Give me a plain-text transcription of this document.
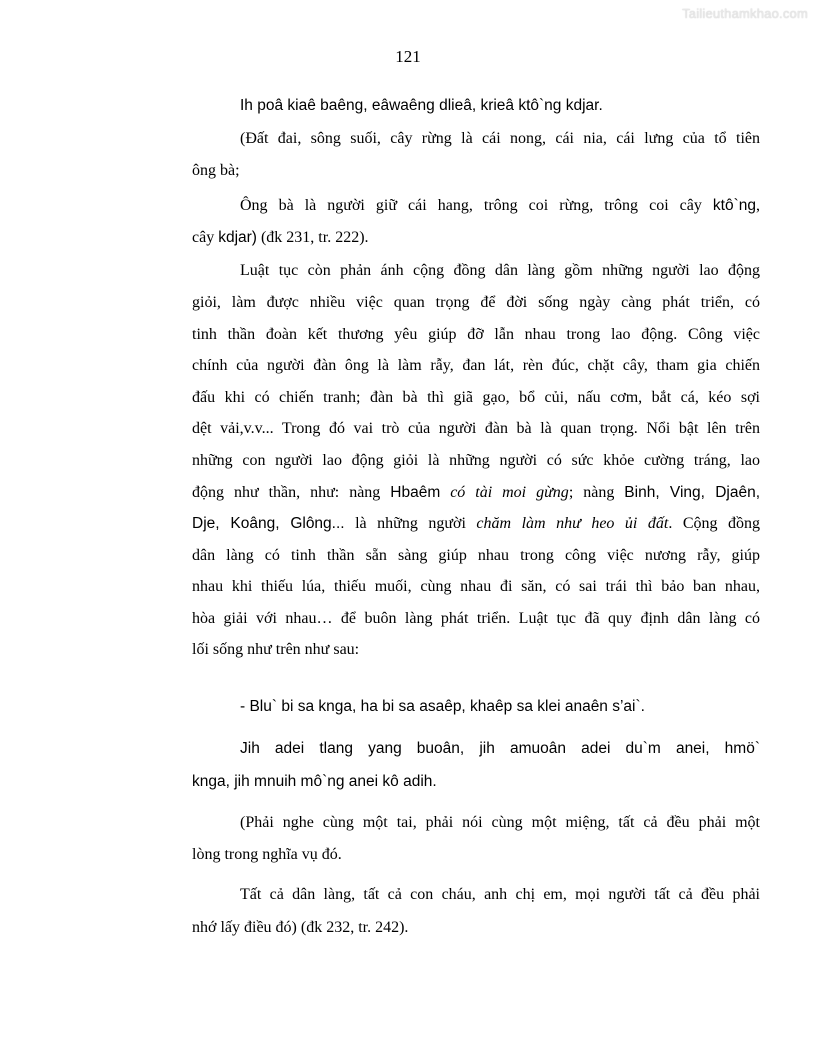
Tailieuthamkhao.com
121
Ih poâ kiaê baêng, eâwaêng dlieâ, krieâ ktô`ng kdjar.
(Đất đai, sông suối, cây rừng là cái nong, cái nia, cái lưng của tổ tiên
ông bà;
Ông bà là người giữ cái hang, trông coi rừng, trông coi cây ktô`ng,
cây kdjar) (đk 231, tr. 222).
Luật tục còn phản ánh cộng đồng dân làng gồm những người lao động
giỏi, làm được nhiều việc quan trọng để đời sống ngày càng phát triển, có
tinh thần đoàn kết thương yêu giúp đỡ lẫn nhau trong lao động. Công việc
chính của người đàn ông là làm rẫy, đan lát, rèn đúc, chặt cây, tham gia chiến
đấu khi có chiến tranh; đàn bà thì giã gạo, bổ củi, nấu cơm, bắt cá, kéo sợi
dệt vải,v.v... Trong đó vai trò của người đàn bà là quan trọng. Nổi bật lên trên
những con người lao động giỏi là những người có sức khỏe cường tráng, lao
động như thần, như: nàng Hbaêm có tài moi gừng; nàng Binh, Ving, Djaên,
Dje, Koâng, Glông... là những người chăm làm như heo ủi đất. Cộng đồng
dân làng có tinh thần sẵn sàng giúp nhau trong công việc nương rẫy, giúp
nhau khi thiếu lúa, thiếu muối, cùng nhau đi săn, có sai trái thì bảo ban nhau,
hòa giải với nhau… để buôn làng phát triển. Luật tục đã quy định dân làng có
lối sống như trên như sau:
- Blu` bi sa knga, ha bi sa asaêp, khaêp sa klei anaên s’ai`.
Jih adei tlang yang buoân, jih amuoân adei du`m anei, hmö`
knga, jih mnuih mô`ng anei kô adih.
(Phải nghe cùng một tai, phải nói cùng một miệng, tất cả đều phải một
lòng trong nghĩa vụ đó.
Tất cả dân làng, tất cả con cháu, anh chị em, mọi người tất cả đều phải
nhớ lấy điều đó) (đk 232, tr. 242).
